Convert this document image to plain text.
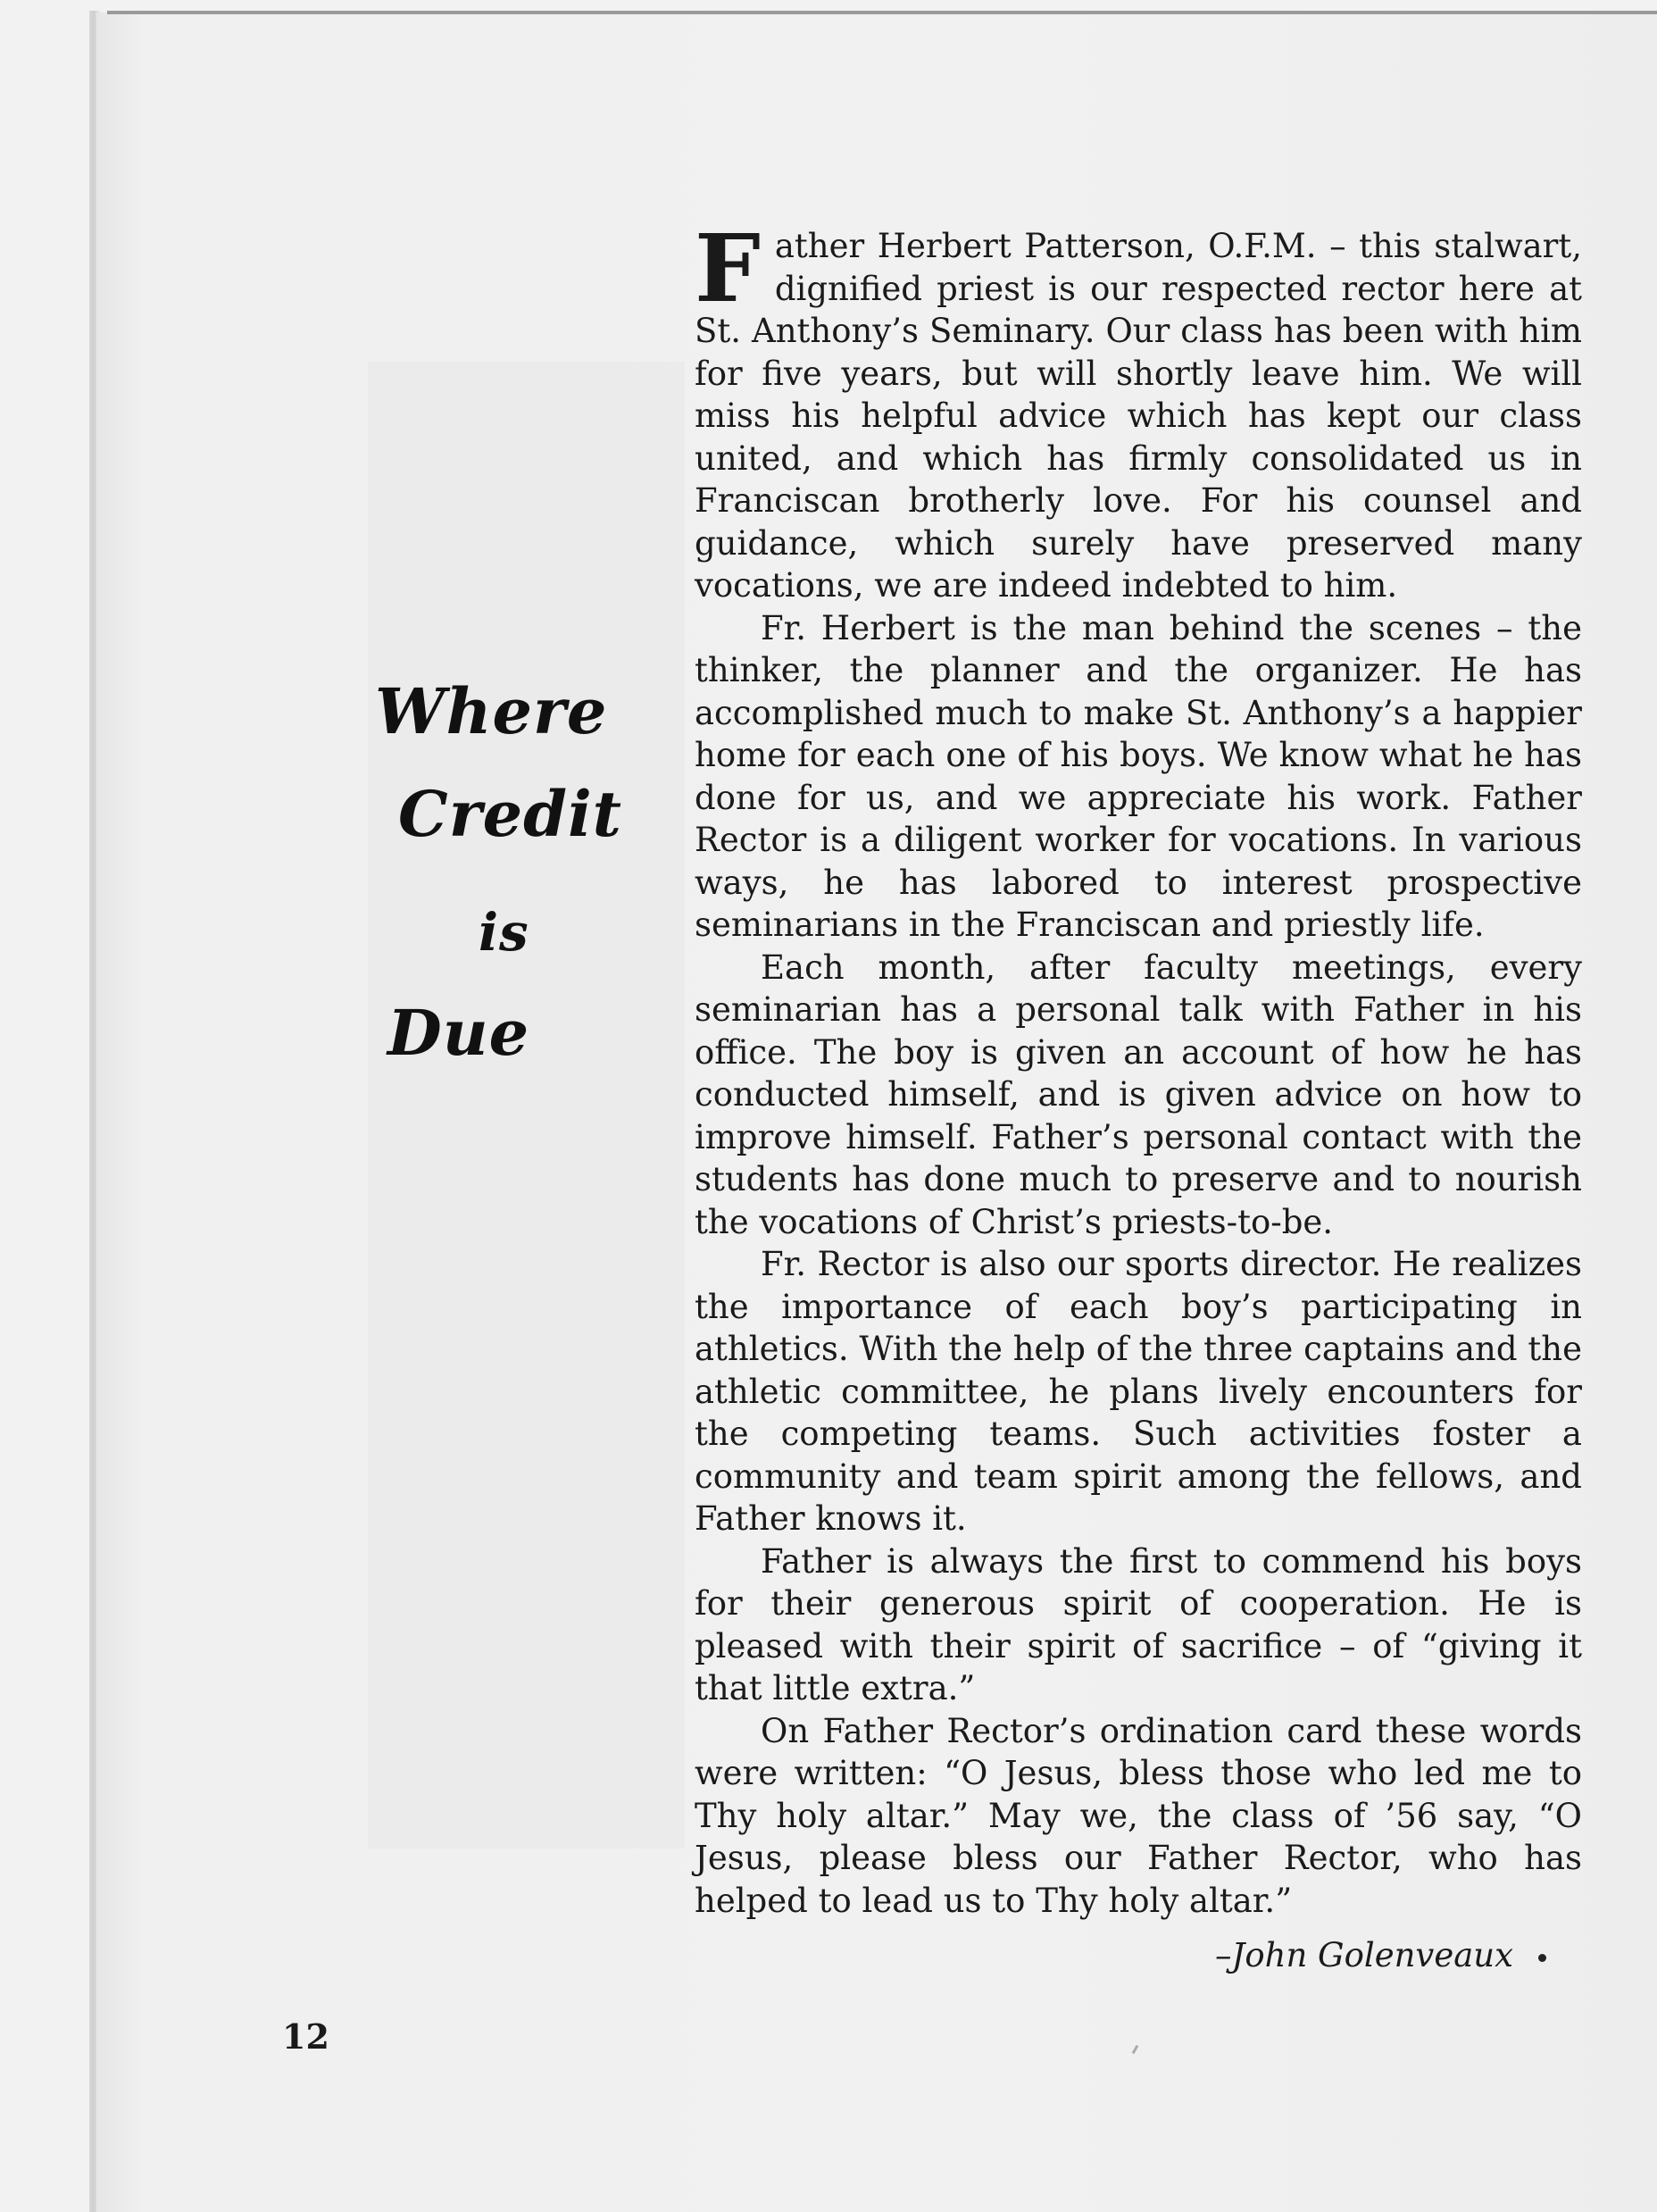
Where
Credit
is
Due

Father Herbert Patterson, O.F.M. – this stalwart, dignified priest is our respected rector here at St. Anthony’s Seminary. Our class has been with him for five years, but will shortly leave him. We will miss his helpful advice which has kept our class united, and which has firmly consolidated us in Franciscan brotherly love. For his counsel and guidance, which surely have preserved many vocations, we are indeed indebted to him.

Fr. Herbert is the man behind the scenes – the thinker, the planner and the organizer. He has accomplished much to make St. Anthony’s a happier home for each one of his boys. We know what he has done for us, and we appreciate his work. Father Rector is a diligent worker for vocations. In various ways, he has labored to interest prospective seminarians in the Franciscan and priestly life.

Each month, after faculty meetings, every seminarian has a personal talk with Father in his office. The boy is given an account of how he has conducted himself, and is given advice on how to improve himself. Father’s personal contact with the students has done much to preserve and to nourish the vocations of Christ’s priests-to-be.

Fr. Rector is also our sports director. He realizes the importance of each boy’s participating in athletics. With the help of the three captains and the athletic committee, he plans lively encounters for the competing teams. Such activities foster a community and team spirit among the fellows, and Father knows it.

Father is always the first to commend his boys for their generous spirit of cooperation. He is pleased with their spirit of sacrifice – of “giving it that little extra.”

On Father Rector’s ordination card these words were written: “O Jesus, bless those who led me to Thy holy altar.” May we, the class of ’56 say, “O Jesus, please bless our Father Rector, who has helped to lead us to Thy holy altar.”

–John Golenveaux
12
